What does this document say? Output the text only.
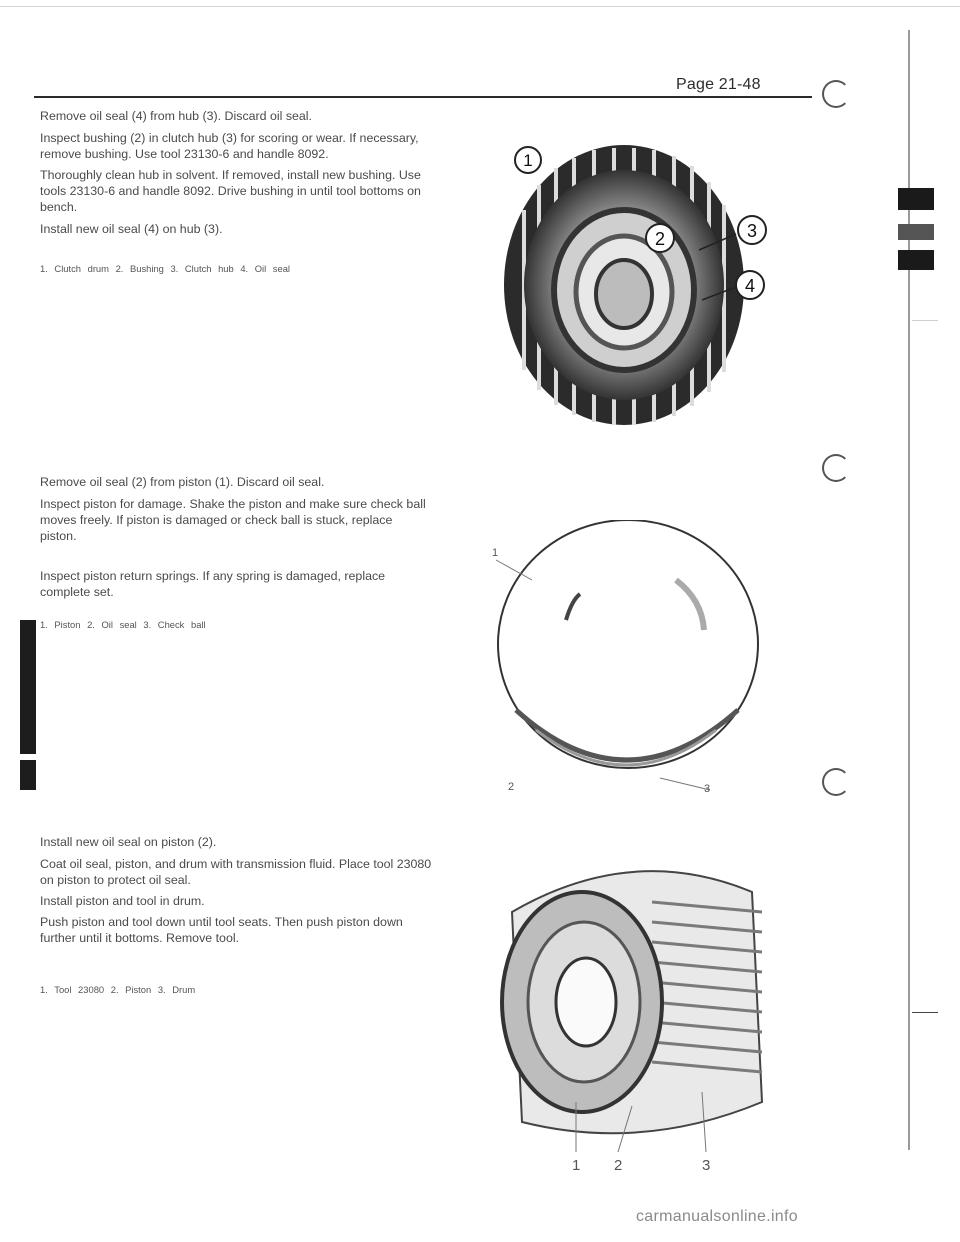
Page 21-48

Remove oil seal (4) from hub (3). Discard oil seal.

Inspect bushing (2) in clutch hub (3) for scoring or wear. If necessary, remove bushing. Use tool 23130-6 and handle 8092.

Thoroughly clean hub in solvent. If removed, install new bushing. Use tools 23130-6 and handle 8092. Drive bushing in until tool bottoms on bench.

Install new oil seal (4) on hub (3).

1. Clutch drum 2. Bushing 3. Clutch hub 4. Oil seal

Remove oil seal (2) from piston (1). Discard oil seal.

Inspect piston for damage. Shake the piston and make sure check ball moves freely. If piston is damaged or check ball is stuck, replace piston.

Inspect piston return springs. If any spring is damaged, replace complete set.

1. Piston 2. Oil seal 3. Check ball

Install new oil seal on piston (2).

Coat oil seal, piston, and drum with transmission fluid. Place tool 23080 on piston to protect oil seal.

Install piston and tool in drum.

Push piston and tool down until tool seats. Then push piston down further until it bottoms. Remove tool.

1. Tool 23080 2. Piston 3. Drum

1
2	3
4
1
2	3
1 2	3
carmanualsonline.info
